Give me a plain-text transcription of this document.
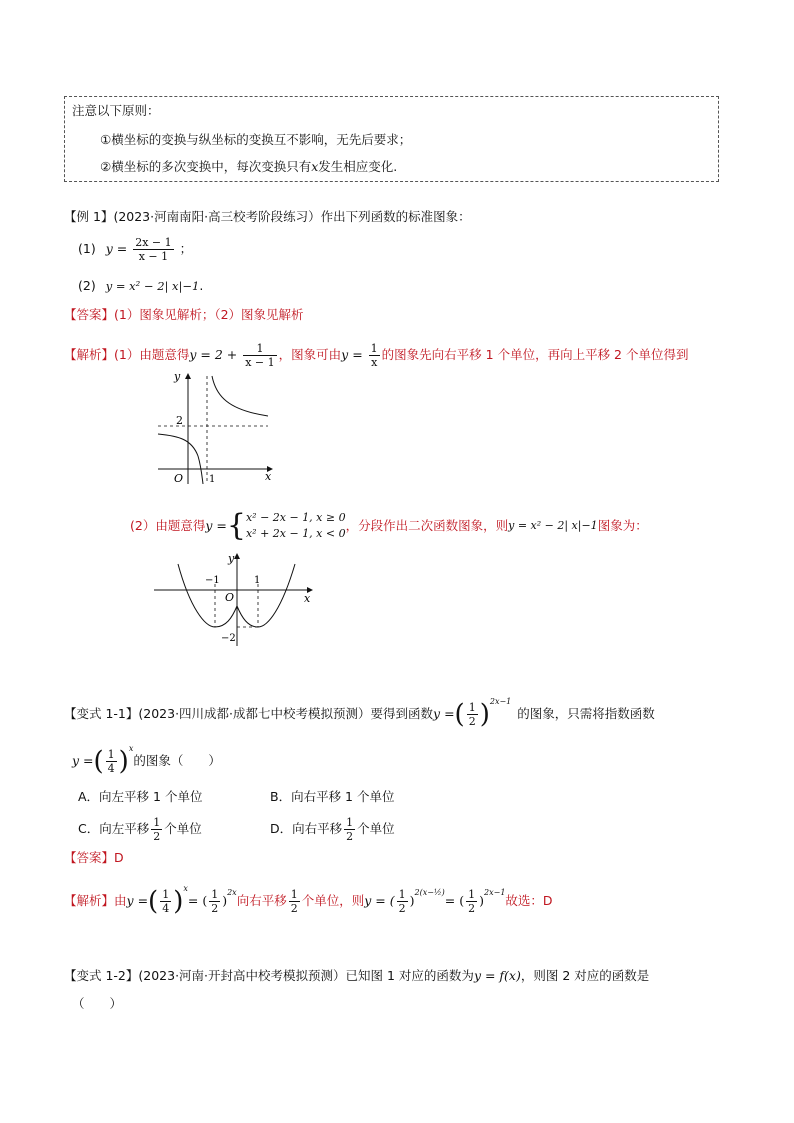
注意以下原则：
①横坐标的变换与纵坐标的变换互不影响，无先后要求；
②横坐标的多次变换中，每次变换只有x发生相应变化.
【例 1】(2023·河南南阳·高三校考阶段练习）作出下列函数的标准图象：
(1) $y = \frac{2x - 1}{x - 1}$ ；
(2) y = x² − 2| x|−1.
【答案】(1）图象见解析；（2）图象见解析
【解析】(1）由题意得$y = 2 + \frac{1}{x - 1}$ ，图象可由$y = \frac{1}{x}$ 的图象先向右平移 1 个单位，再向上平移 2 个单位得到
y
x
O	1
2
(2）由题意得y ={ x² − 2x − 1, x ≥ 0
x² + 2x − 1, x < 0
，分段作出二次函数图象，则y = x² − 2| x|−1图象为：
y
x
O
−1	1
−2
【变式 1-1】(2023·四川成都·成都七中校考模拟预测）要得到函数y =( $\frac{1}{2} )^{2x-1}$的图象，只需将指数函数
y =( $\frac{1}{4} )^x$的图象（　　）
A．向左平移 1 个单位	B．向右平移 1 个单位
C．向左平移 $\frac{1}{2}$ 个单位	D．向右平移 $\frac{1}{2}$ 个单位
【答案】D
【解析】由y =( $\frac{1}{4} )^x=$ ( $\frac{1}{2} )^{2x}$向右平移 $\frac{1}{2}$ 个单位，则y = ( $\frac{1}{2} )^{2(x-\frac{1}{2})}=$ ( $\frac{1}{2} )^{2x-1}$故选：D
【变式 1-2】(2023·河南·开封高中校考模拟预测）已知图 1 对应的函数为y = f(x)，则图 2 对应的函数是
（　　）
